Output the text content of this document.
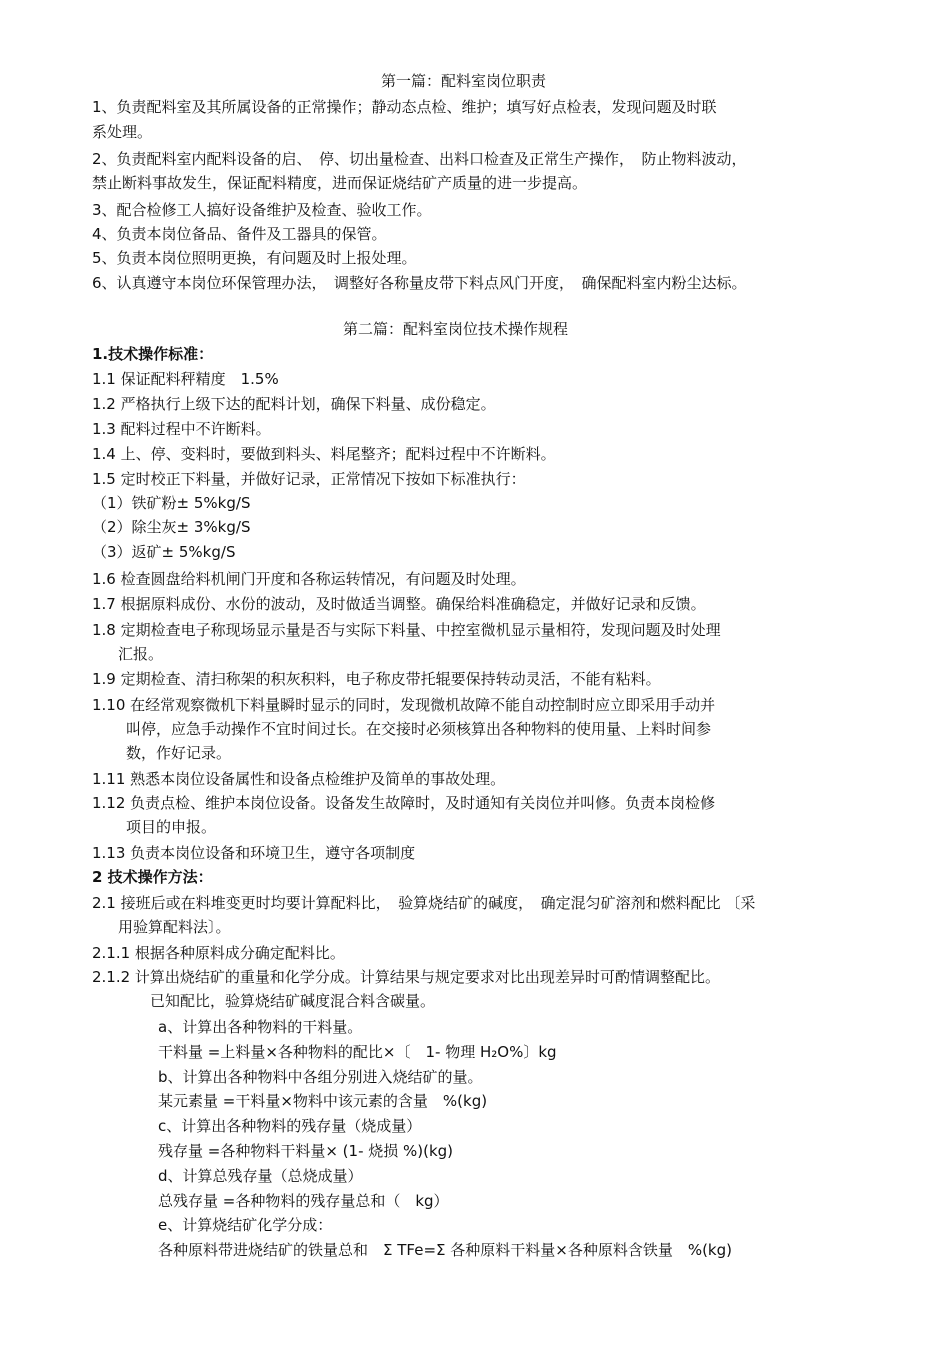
第一篇：配料室岗位职责
1、负责配料室及其所属设备的正常操作；静动态点检、维护；填写好点检表，发现问题及时联
系处理。
2、负责配料室内配料设备的启、　停、切出量检查、出料口检查及正常生产操作，　防止物料波动，
禁止断料事故发生，保证配料精度，进而保证烧结矿产质量的进一步提高。
3、配合检修工人搞好设备维护及检查、验收工作。
4、负责本岗位备品、备件及工器具的保管。
5、负责本岗位照明更换，有问题及时上报处理。
6、认真遵守本岗位环保管理办法，　调整好各称量皮带下料点风门开度，　确保配料室内粉尘达标。
第二篇：配料室岗位技术操作规程
1.技术操作标准：
1.1 保证配料秤精度　1.5%
1.2 严格执行上级下达的配料计划，确保下料量、成份稳定。
1.3 配料过程中不许断料。
1.4 上、停、变料时，要做到料头、料尾整齐；配料过程中不许断料。
1.5 定时校正下料量，并做好记录，正常情况下按如下标准执行：
（1）铁矿粉± 5%kg/S
（2）除尘灰± 3%kg/S
（3）返矿± 5%kg/S
1.6 检查圆盘给料机闸门开度和各称运转情况，有问题及时处理。
1.7 根据原料成份、水份的波动，及时做适当调整。确保给料准确稳定，并做好记录和反馈。
1.8 定期检查电子称现场显示量是否与实际下料量、中控室微机显示量相符，发现问题及时处理
汇报。
1.9 定期检查、清扫称架的积灰积料，电子称皮带托辊要保持转动灵活，不能有粘料。
1.10 在经常观察微机下料量瞬时显示的同时，发现微机故障不能自动控制时应立即采用手动并
叫停，应急手动操作不宜时间过长。在交接时必须核算出各种物料的使用量、上料时间参
数，作好记录。
1.11 熟悉本岗位设备属性和设备点检维护及简单的事故处理。
1.12 负责点检、维护本岗位设备。设备发生故障时，及时通知有关岗位并叫修。负责本岗检修
项目的申报。
1.13 负责本岗位设备和环境卫生，遵守各项制度
2 技术操作方法：
2.1 接班后或在料堆变更时均要计算配料比，　验算烧结矿的碱度，　确定混匀矿溶剂和燃料配比 〔采
用验算配料法〕。
2.1.1 根据各种原料成分确定配料比。
2.1.2 计算出烧结矿的重量和化学分成。计算结果与规定要求对比出现差异时可酌情调整配比。
已知配比，验算烧结矿碱度混合料含碳量。
a、计算出各种物料的干料量。
干料量 =上料量×各种物料的配比×〔　1- 物理 H₂O%〕kg
b、计算出各种物料中各组分别进入烧结矿的量。
某元素量 =干料量×物料中该元素的含量　%(kg)
c、计算出各种物料的残存量（烧成量）
残存量 =各种物料干料量× (1- 烧损 %)(kg)
d、计算总残存量（总烧成量）
总残存量 =各种物料的残存量总和（　kg）
e、计算烧结矿化学分成：
各种原料带进烧结矿的铁量总和　Σ TFe=Σ 各种原料干料量×各种原料含铁量　%(kg)
